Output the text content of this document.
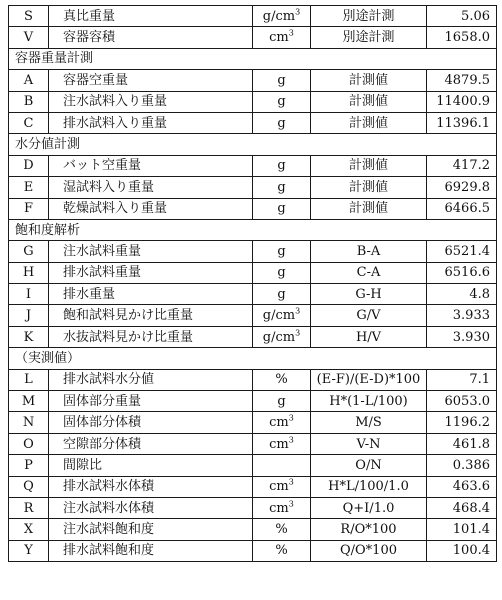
S	真比重量	$g/cm^3$	別途計測	5.06
V	容器容積	$cm^3$	別途計測	1658.0
容器重量計測				
A	容器空重量	g	計測値	4879.5
B	注水試料入り重量	g	計測値	11400.9
C	排水試料入り重量	g	計測値	11396.1
水分値計測				
D	バット空重量	g	計測値	417.2
E	湿試料入り重量	g	計測値	6929.8
F	乾燥試料入り重量	g	計測値	6466.5
飽和度解析				
G	注水試料重量	g	B-A	6521.4
H	排水試料重量	g	C-A	6516.6
I	排水重量	g	G-H	4.8
J	飽和試料見かけ比重量	$g/cm^3$	G/V	3.933
K	水抜試料見かけ比重量	$g/cm^3$	H/V	3.930
（実測値）				
L	排水試料水分値	%	(E-F)/(E-D)*100	7.1
M	固体部分重量	g	H*(1-L/100)	6053.0
N	固体部分体積	$cm^3$	M/S	1196.2
O	空隙部分体積	$cm^3$	V-N	461.8
P	間隙比		O/N	0.386
Q	排水試料水体積	$cm^3$	H*L/100/1.0	463.6
R	注水試料水体積	$cm^3$	Q+I/1.0	468.4
X	注水試料飽和度	%	R/O*100	101.4
Y	排水試料飽和度	%	Q/O*100	100.4
